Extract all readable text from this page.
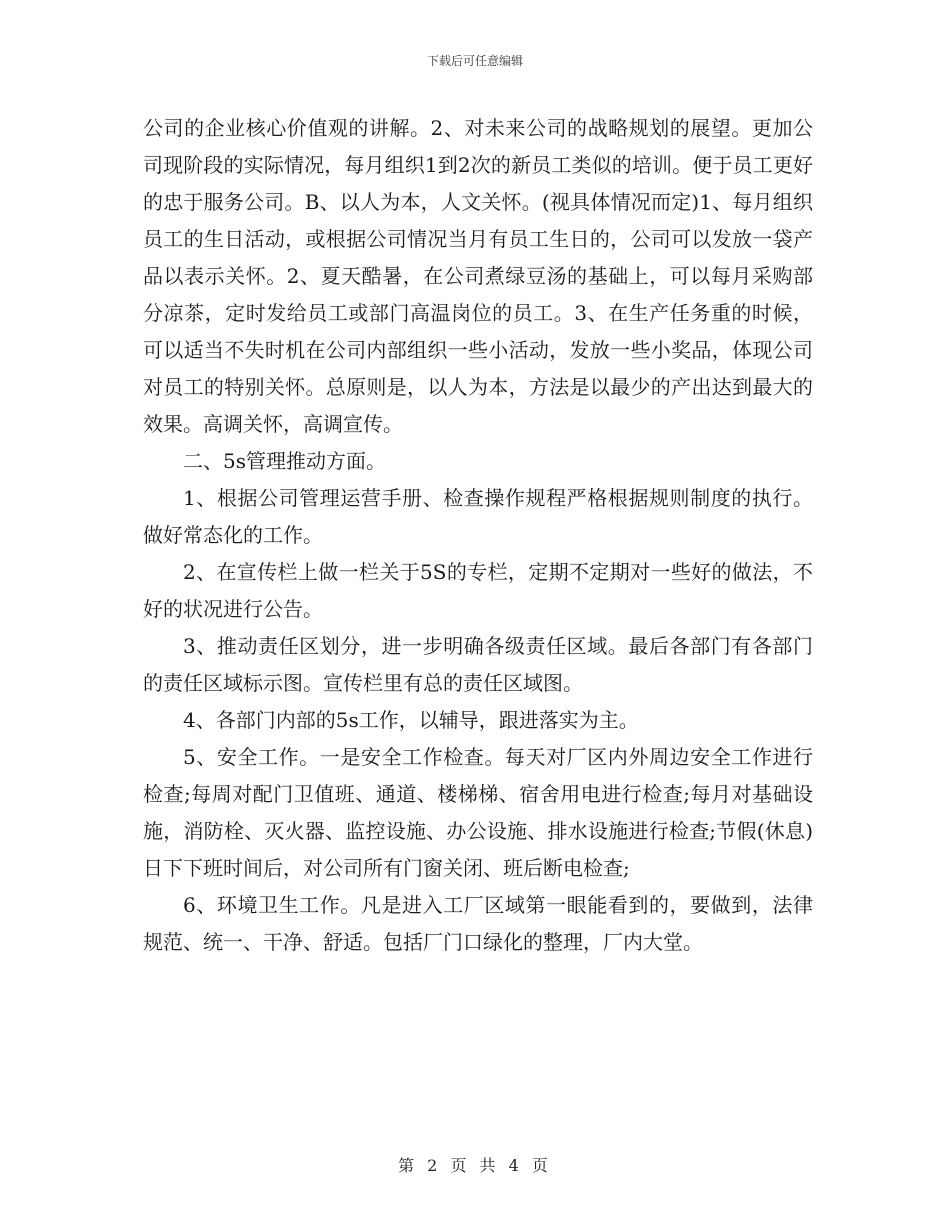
下载后可任意编辑

公司的企业核心价值观的讲解。2、对未来公司的战略规划的展望。更加公司现阶段的实际情况，每月组织1到2次的新员工类似的培训。便于员工更好的忠于服务公司。B、以人为本，人文关怀。(视具体情况而定)1、每月组织员工的生日活动，或根据公司情况当月有员工生日的，公司可以发放一袋产品以表示关怀。2、夏天酷暑，在公司煮绿豆汤的基础上，可以每月采购部分凉茶，定时发给员工或部门高温岗位的员工。3、在生产任务重的时候，可以适当不失时机在公司内部组织一些小活动，发放一些小奖品，体现公司对员工的特别关怀。总原则是，以人为本，方法是以最少的产出达到最大的效果。高调关怀，高调宣传。

二、5s管理推动方面。

1、根据公司管理运营手册、检查操作规程严格根据规则制度的执行。做好常态化的工作。

2、在宣传栏上做一栏关于5S的专栏，定期不定期对一些好的做法，不好的状况进行公告。

3、推动责任区划分，进一步明确各级责任区域。最后各部门有各部门的责任区域标示图。宣传栏里有总的责任区域图。

4、各部门内部的5s工作，以辅导，跟进落实为主。

5、安全工作。一是安全工作检查。每天对厂区内外周边安全工作进行检查;每周对配门卫值班、通道、楼梯梯、宿舍用电进行检查;每月对基础设施，消防栓、灭火器、监控设施、办公设施、排水设施进行检查;节假(休息)日下下班时间后，对公司所有门窗关闭、班后断电检查;

6、环境卫生工作。凡是进入工厂区域第一眼能看到的，要做到，法律规范、统一、干净、舒适。包括厂门口绿化的整理，厂内大堂。

第 2 页 共 4 页
